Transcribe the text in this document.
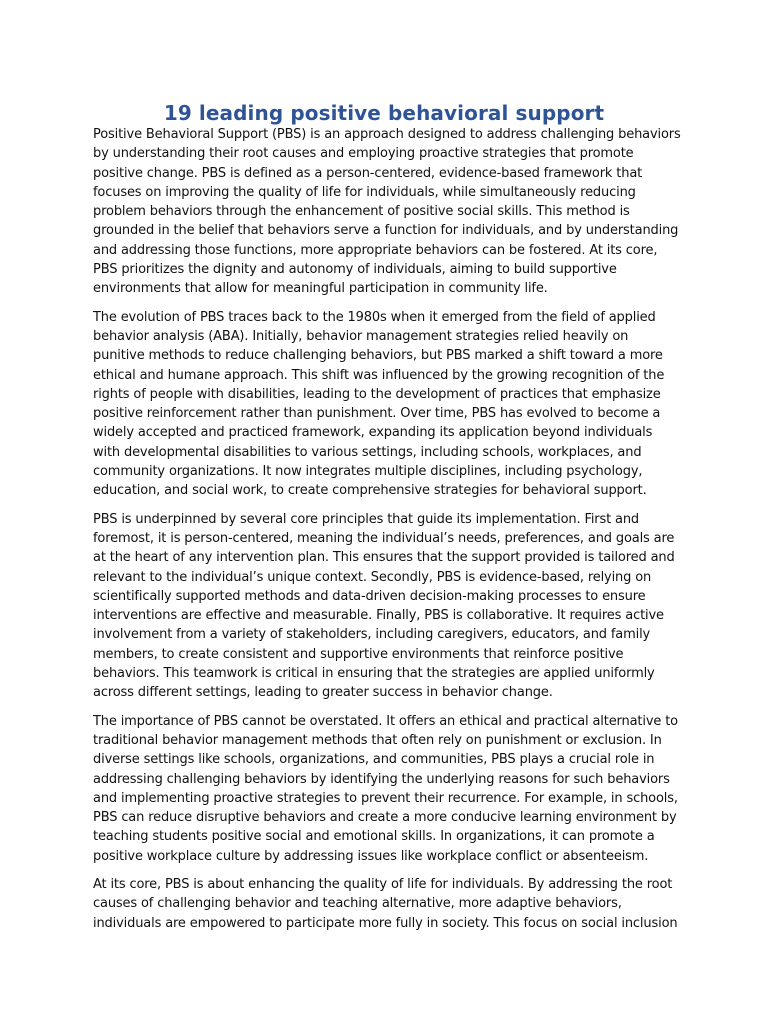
19 leading positive behavioral support

Positive Behavioral Support (PBS) is an approach designed to address challenging behaviors by understanding their root causes and employing proactive strategies that promote positive change. PBS is defined as a person-centered, evidence-based framework that focuses on improving the quality of life for individuals, while simultaneously reducing problem behaviors through the enhancement of positive social skills. This method is grounded in the belief that behaviors serve a function for individuals, and by understanding and addressing those functions, more appropriate behaviors can be fostered. At its core, PBS prioritizes the dignity and autonomy of individuals, aiming to build supportive environments that allow for meaningful participation in community life.

The evolution of PBS traces back to the 1980s when it emerged from the field of applied behavior analysis (ABA). Initially, behavior management strategies relied heavily on punitive methods to reduce challenging behaviors, but PBS marked a shift toward a more ethical and humane approach. This shift was influenced by the growing recognition of the rights of people with disabilities, leading to the development of practices that emphasize positive reinforcement rather than punishment. Over time, PBS has evolved to become a widely accepted and practiced framework, expanding its application beyond individuals with developmental disabilities to various settings, including schools, workplaces, and community organizations. It now integrates multiple disciplines, including psychology, education, and social work, to create comprehensive strategies for behavioral support.

PBS is underpinned by several core principles that guide its implementation. First and foremost, it is person-centered, meaning the individual’s needs, preferences, and goals are at the heart of any intervention plan. This ensures that the support provided is tailored and relevant to the individual’s unique context. Secondly, PBS is evidence-based, relying on scientifically supported methods and data-driven decision-making processes to ensure interventions are effective and measurable. Finally, PBS is collaborative. It requires active involvement from a variety of stakeholders, including caregivers, educators, and family members, to create consistent and supportive environments that reinforce positive behaviors. This teamwork is critical in ensuring that the strategies are applied uniformly across different settings, leading to greater success in behavior change.

The importance of PBS cannot be overstated. It offers an ethical and practical alternative to traditional behavior management methods that often rely on punishment or exclusion. In diverse settings like schools, organizations, and communities, PBS plays a crucial role in addressing challenging behaviors by identifying the underlying reasons for such behaviors and implementing proactive strategies to prevent their recurrence. For example, in schools, PBS can reduce disruptive behaviors and create a more conducive learning environment by teaching students positive social and emotional skills. In organizations, it can promote a positive workplace culture by addressing issues like workplace conflict or absenteeism.

At its core, PBS is about enhancing the quality of life for individuals. By addressing the root causes of challenging behavior and teaching alternative, more adaptive behaviors, individuals are empowered to participate more fully in society. This focus on social inclusion
